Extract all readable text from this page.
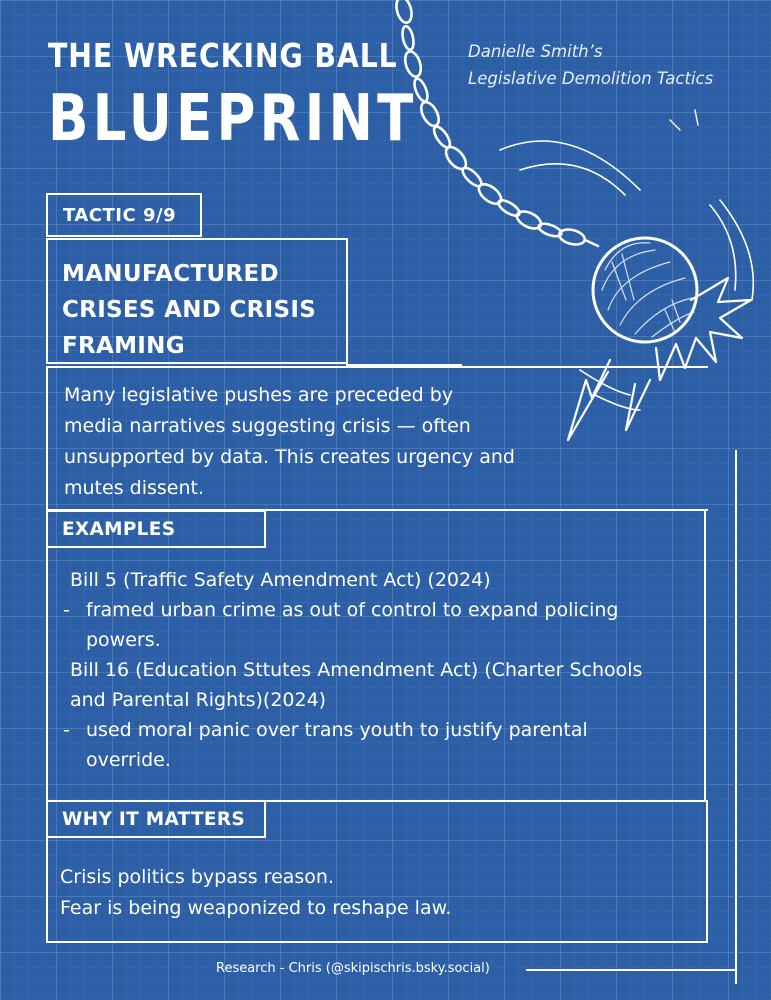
THE WRECKING BALL
BLUEPRINT
Danielle Smith’s
Legislative Demolition Tactics
TACTIC 9/9
MANUFACTURED
CRISES AND CRISIS
FRAMING
Many legislative pushes are preceded by
media narratives suggesting crisis — often
unsupported by data. This creates urgency and
mutes dissent.
EXAMPLES
Bill 5 (Traffic Safety Amendment Act) (2024)
- framed urban crime as out of control to expand policing
powers.
Bill 16 (Education Sttutes Amendment Act) (Charter Schools
and Parental Rights)(2024)
- used moral panic over trans youth to justify parental
override.
WHY IT MATTERS
Crisis politics bypass reason.
Fear is being weaponized to reshape law.
Research - Chris (@skipischris.bsky.social)
